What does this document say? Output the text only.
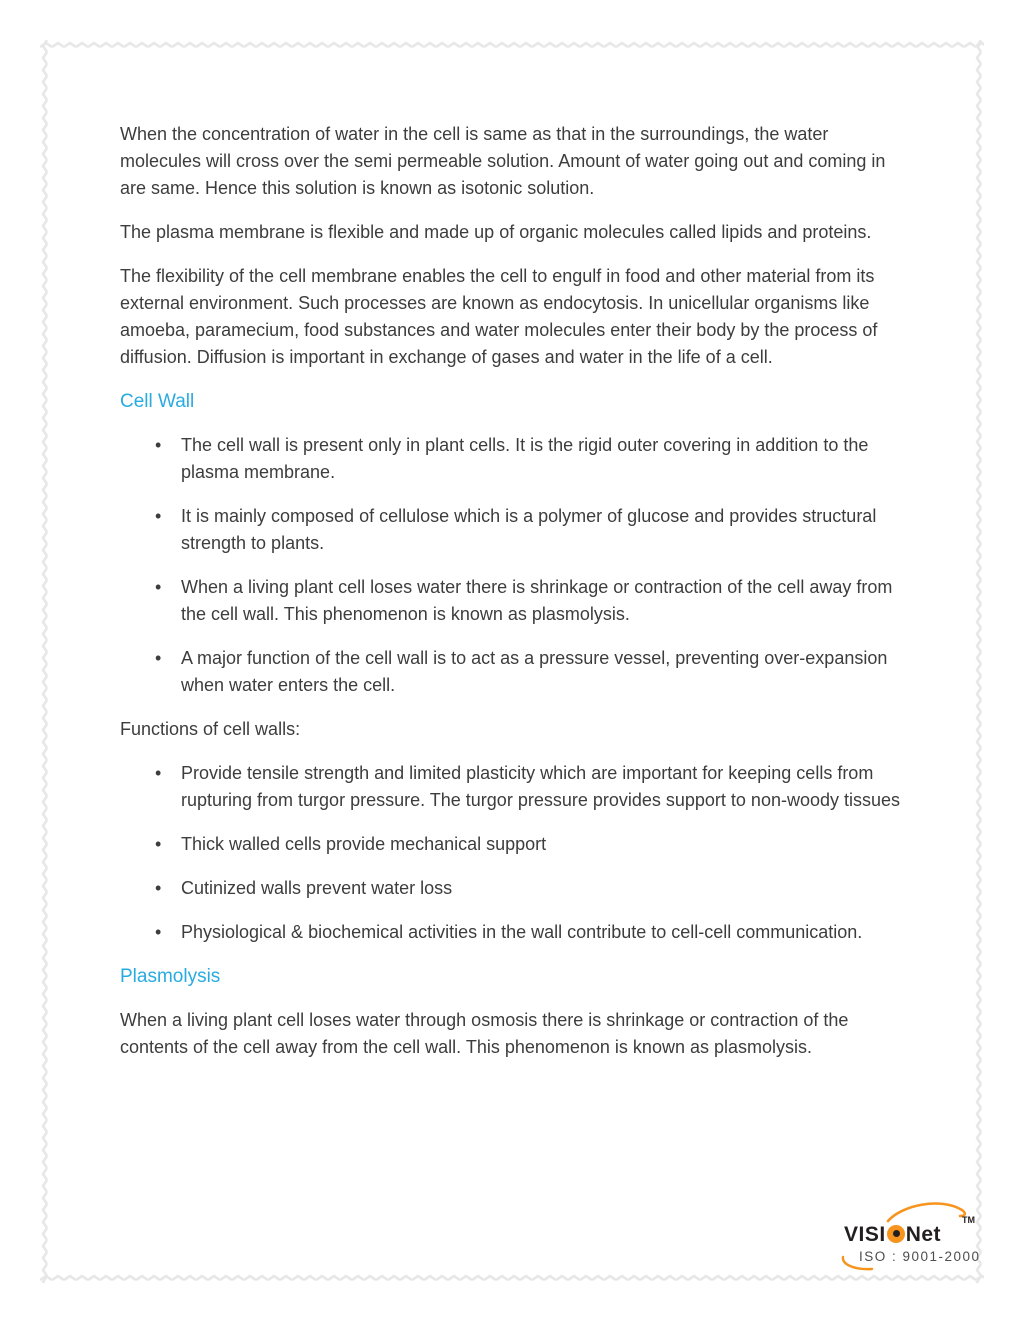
When the concentration of water in the cell is same as that in the surroundings, the water molecules will cross over the semi permeable solution. Amount of water going out and coming in are same. Hence this solution is known as isotonic solution.

The plasma membrane is flexible and made up of organic molecules called lipids and proteins.

The flexibility of the cell membrane enables the cell to engulf in food and other material from its external environment. Such processes are known as endocytosis. In unicellular organisms like amoeba, paramecium, food substances and water molecules enter their body by the process of diffusion. Diffusion is important in exchange of gases and water in the life of a cell.

Cell Wall
• The cell wall is present only in plant cells. It is the rigid outer covering in addition to the plasma membrane.
• It is mainly composed of cellulose which is a polymer of glucose and provides structural strength to plants.
• When a living plant cell loses water there is shrinkage or contraction of the cell away from the cell wall. This phenomenon is known as plasmolysis.
• A major function of the cell wall is to act as a pressure vessel, preventing over-expansion when water enters the cell.

Functions of cell walls:

• Provide tensile strength and limited plasticity which are important for keeping cells from rupturing from turgor pressure. The turgor pressure provides support to non-woody tissues
• Thick walled cells provide mechanical support
• Cutinized walls prevent water loss
• Physiological & biochemical activities in the wall contribute to cell-cell communication.
Plasmolysis

When a living plant cell loses water through osmosis there is shrinkage or contraction of the contents of the cell away from the cell wall. This phenomenon is known as plasmolysis.

VISI Net
TM
ISO : 9001-2000
